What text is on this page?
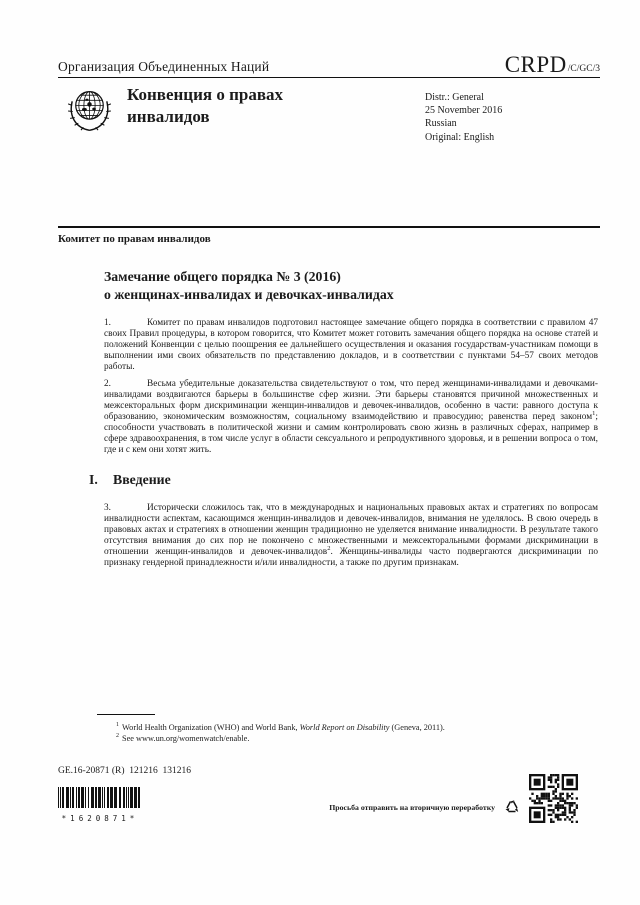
Организация Объединенных Наций	CRPD /C/GC/3
Конвенция о правах
инвалидов
Distr.: General
25 November 2016
Russian
Original: English
Комитет по правам инвалидов
Замечание общего порядка № 3 (2016)
о женщинах-инвалидах и девочках-инвалидах

1.	Комитет по правам инвалидов подготовил настоящее замечание общего порядка в соответствии с правилом 47 своих Правил процедуры, в котором говорится, что Комитет может готовить замечания общего порядка на основе статей и положений Конвенции с целью поощрения ее дальнейшего осуществления и оказания государствам-участникам помощи в выполнении ими своих обязательств по представлению докладов, и в соответствии с пунктами 54–57 своих методов работы.

2.	Весьма убедительные доказательства свидетельствуют о том, что перед женщинами-инвалидами и девочками-инвалидами воздвигаются барьеры в большинстве сфер жизни. Эти барьеры становятся причиной множественных и межсекторальных форм дискриминации женщин-инвалидов и девочек-инвалидов, особенно в части: равного доступа к образованию, экономическим возможностям, социальному взаимодействию и правосудию; равенства перед законом$^1$; способности участвовать в политической жизни и самим контролировать свою жизнь в различных сферах, например в сфере здравоохранения, в том числе услуг в области сексуального и репродуктивного здоровья, и в решении вопроса о том, где и с кем они хотят жить.

I. Введение

3.	Исторически сложилось так, что в международных и национальных правовых актах и стратегиях по вопросам инвалидности аспектам, касающимся женщин-инвалидов и девочек-инвалидов, внимания не уделялось. В свою очередь в правовых актах и стратегиях в отношении женщин традиционно не уделяется внимание инвалидности. В результате такого отсутствия внимания до сих пор не покончено с множественными и межсекторальными формами дискриминации в отношении женщин-инвалидов и девочек-инвалидов$^2$. Женщины-инвалиды часто подвергаются дискриминации по признаку гендерной принадлежности и/или инвалидности, а также по другим признакам.

$^1$ World Health Organization (WHO) and World Bank, World Report on Disability (Geneva, 2011).
$^2$ See www.un.org/womenwatch/enable.
GE.16-20871 (R)  121216  131216
*1620871*
Просьба отправить на вторичную переработку
